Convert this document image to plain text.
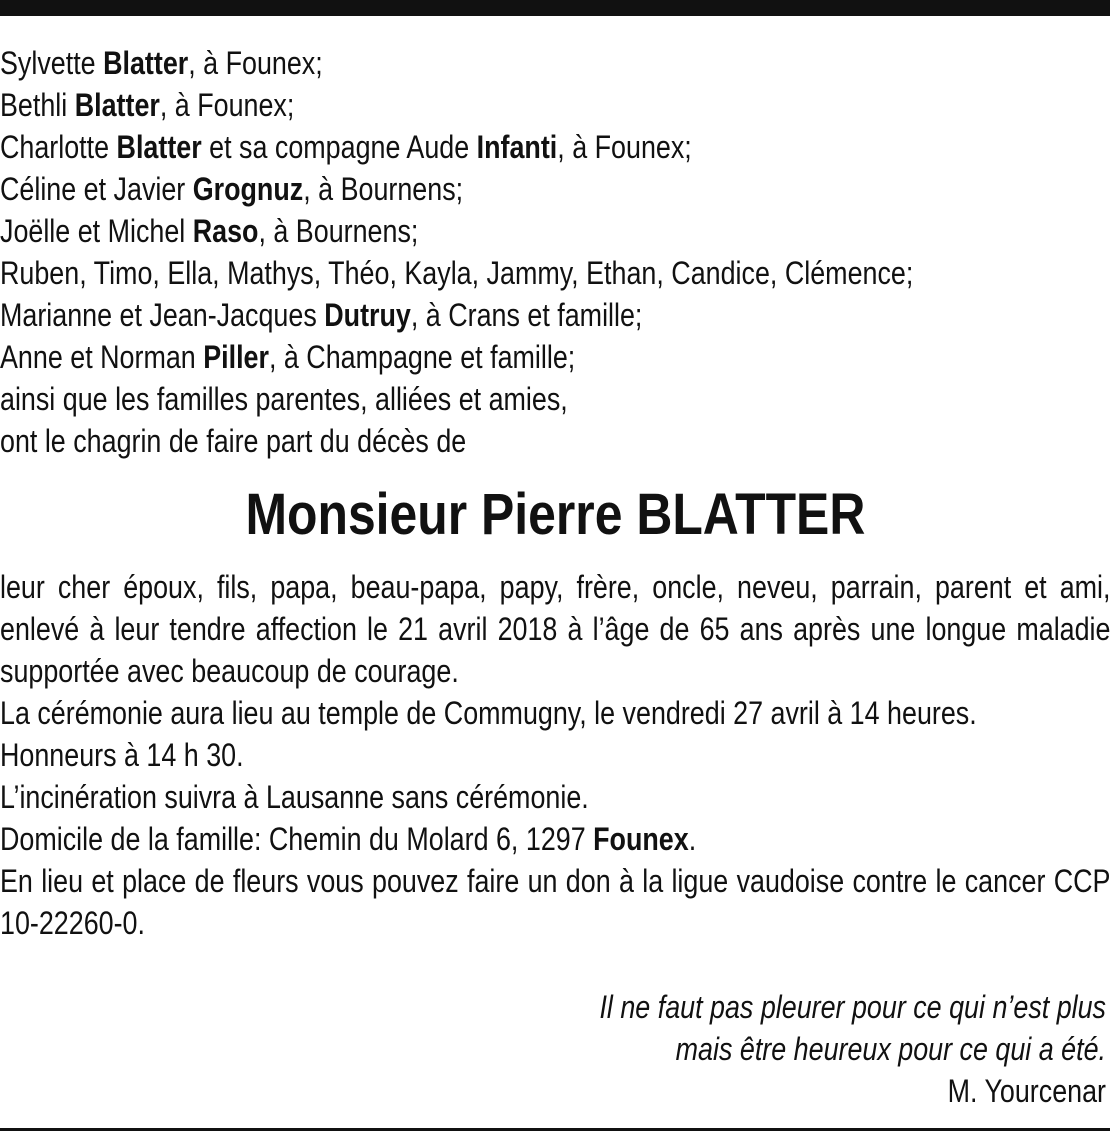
Sylvette Blatter, à Founex;
Bethli Blatter, à Founex;
Charlotte Blatter et sa compagne Aude Infanti, à Founex;
Céline et Javier Grognuz, à Bournens;
Joëlle et Michel Raso, à Bournens;
Ruben, Timo, Ella, Mathys, Théo, Kayla, Jammy, Ethan, Candice, Clémence;
Marianne et Jean-Jacques Dutruy, à Crans et famille;
Anne et Norman Piller, à Champagne et famille;
ainsi que les familles parentes, alliées et amies,
ont le chagrin de faire part du décès de
Monsieur Pierre BLATTER
leur cher époux, fils, papa, beau-papa, papy, frère, oncle, neveu, parrain, parent et ami, enlevé à leur tendre affection le 21 avril 2018 à l’âge de 65 ans après une longue maladie supportée avec beaucoup de courage.
La cérémonie aura lieu au temple de Commugny, le vendredi 27 avril à 14 heures.
Honneurs à 14 h 30.
L’incinération suivra à Lausanne sans cérémonie.
Domicile de la famille: Chemin du Molard 6, 1297 Founex.
En lieu et place de fleurs vous pouvez faire un don à la ligue vaudoise contre le cancer CCP 10-22260-0.
Il ne faut pas pleurer pour ce qui n’est plus
mais être heureux pour ce qui a été.
M. Yourcenar
